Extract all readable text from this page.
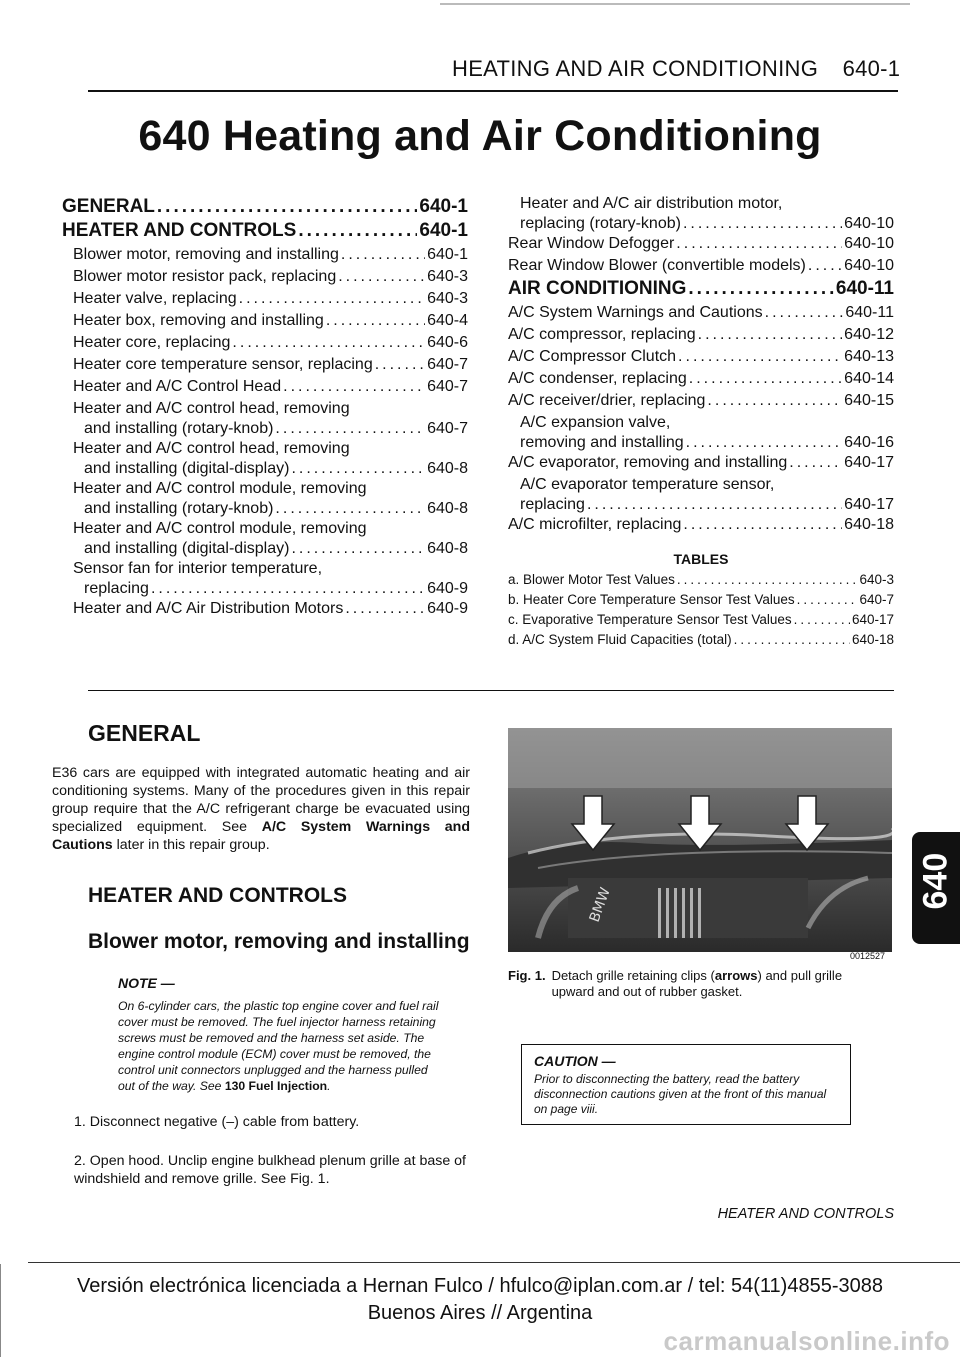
HEATING AND AIR CONDITIONING 640-1
640 Heating and Air Conditioning
GENERAL .....	640-1
HEATER AND CONTROLS .....	640-1
Blower motor, removing and installing .....	640-1
Blower motor resistor pack, replacing .....	640-3
Heater valve, replacing .....	640-3
Heater box, removing and installing .....	640-4
Heater core, replacing .....	640-6
Heater core temperature sensor, replacing .....	640-7
Heater and A/C Control Head .....	640-7
Heater and A/C control head, removing
and installing (rotary-knob) .....	640-7
Heater and A/C control head, removing
and installing (digital-display) .....	640-8
Heater and A/C control module, removing
and installing (rotary-knob) .....	640-8
Heater and A/C control module, removing
and installing (digital-display) .....	640-8
Sensor fan for interior temperature,
replacing .....	640-9
Heater and A/C Air Distribution Motors .....	640-9
Heater and A/C air distribution motor,
replacing (rotary-knob) .....	640-10
Rear Window Defogger .....	640-10
Rear Window Blower (convertible models) ..... 640-10
AIR CONDITIONING .....	640-11
A/C System Warnings and Cautions .....	640-11
A/C compressor, replacing .....	640-12
A/C Compressor Clutch .....	640-13
A/C condenser, replacing .....	640-14
A/C receiver/drier, replacing .....	640-15
A/C expansion valve,
removing and installing .....	640-16
A/C evaporator, removing and installing .....	640-17
A/C evaporator temperature sensor,
replacing .....	640-17
A/C microfilter, replacing .....	640-18
TABLES
a. Blower Motor Test Values .....	640-3
b. Heater Core Temperature Sensor Test Values .....	640-7
c. Evaporative Temperature Sensor Test Values .....	640-17
d. A/C System Fluid Capacities (total) .....	640-18
GENERAL

E36 cars are equipped with integrated automatic heating and air conditioning systems. Many of the procedures given in this repair group require that the A/C refrigerant charge be evacuated using specialized equipment. See A/C System Warnings and Cautions later in this repair group.

HEATER AND CONTROLS
Blower motor, removing and installing
NOTE —

On 6-cylinder cars, the plastic top engine cover and fuel rail cover must be removed. The fuel injector harness retaining screws must be removed and the harness set aside. The engine control module (ECM) cover must be removed, the control unit connectors unplugged and the harness pulled out of the way. See 130 Fuel Injection.

1. Disconnect negative (–) cable from battery.

2. Open hood. Unclip engine bulkhead plenum grille at base of windshield and remove grille. See Fig. 1.

BMW
0012527
Fig. 1. Detach grille retaining clips (arrows) and pull grille upward and out of rubber gasket.
CAUTION —
Prior to disconnecting the battery, read the battery disconnection cautions given at the front of this manual on page viii.
HEATER AND CONTROLS
640
Versión electrónica licenciada a Hernan Fulco / hfulco@iplan.com.ar / tel: 54(11)4855-3088
Buenos Aires // Argentina
carmanualsonline.info
